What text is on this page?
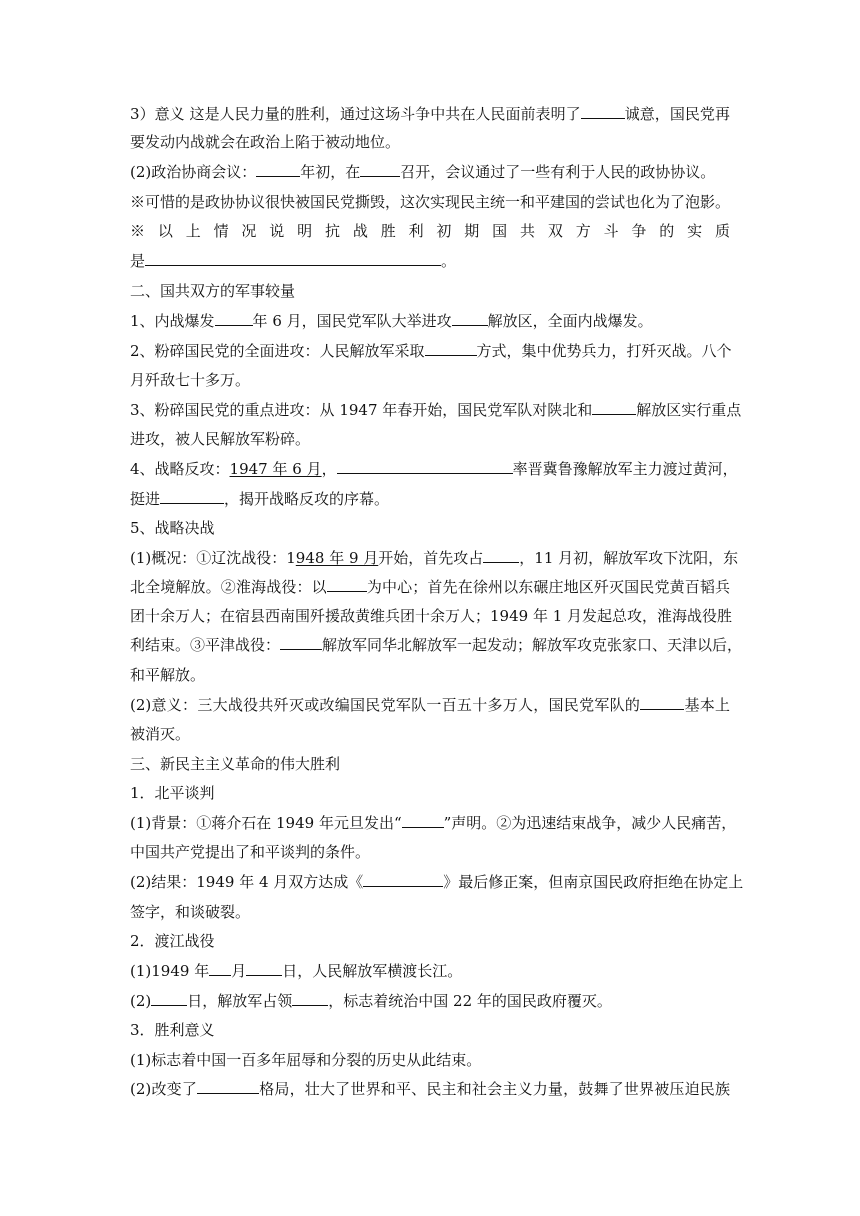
3）意义 这是人民力量的胜利，通过这场斗争中共在人民面前表明了	诚意，国民党再
要发动内战就会在政治上陷于被动地位。
(2)政治协商会议：	年初，在	召开，会议通过了一些有利于人民的政协协议。
※可惜的是政协协议很快被国民党撕毁，这次实现民主统一和平建国的尝试也化为了泡影。
※ 以 上 情 况 说 明 抗 战 胜 利 初 期 国 共 双 方 斗 争 的 实 质
是	。
二、国共双方的军事较量
1、内战爆发	年 6 月，国民党军队大举进攻 解放区，全面内战爆发。
2、粉碎国民党的全面进攻：人民解放军采取	方式，集中优势兵力，打歼灭战。八个
月歼敌七十多万。
3、粉碎国民党的重点进攻：从 1947 年春开始，国民党军队对陕北和	解放区实行重点
进攻，被人民解放军粉碎。
4、战略反攻：1947 年 6 月，	率晋冀鲁豫解放军主力渡过黄河，
挺进	，揭开战略反攻的序幕。
5、战略决战
(1)概况：①辽沈战役：1948 年 9 月开始，首先攻占 ，11 月初，解放军攻下沈阳，东
北全境解放。②淮海战役：以	为中心；首先在徐州以东碾庄地区歼灭国民党黄百韬兵
团十余万人；在宿县西南围歼援敌黄维兵团十余万人；1949 年 1 月发起总攻，淮海战役胜
利结束。③平津战役：	解放军同华北解放军一起发动；解放军攻克张家口、天津以后，
和平解放。
(2)意义：三大战役共歼灭或改编国民党军队一百五十多万人，国民党军队的	基本上
被消灭。
三、新民主主义革命的伟大胜利
1．北平谈判
(1)背景：①蒋介石在 1949 年元旦发出“	”声明。②为迅速结束战争，减少人民痛苦，
中国共产党提出了和平谈判的条件。
(2)结果：1949 年 4 月双方达成《	》最后修正案，但南京国民政府拒绝在协定上
签字，和谈破裂。
2．渡江战役
(1)1949 年 月 日，人民解放军横渡长江。
(2) 日，解放军占领 ，标志着统治中国 22 年的国民政府覆灭。
3．胜利意义
(1)标志着中国一百多年屈辱和分裂的历史从此结束。
(2)改变了	格局，壮大了世界和平、民主和社会主义力量，鼓舞了世界被压迫民族
